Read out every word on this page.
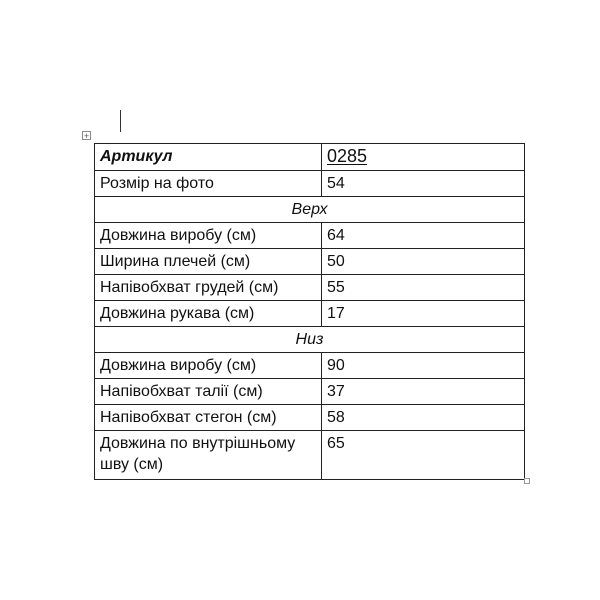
+
Артикул	0285
Розмір на фото	54
Верх	
Довжина виробу (см)	64
Ширина плечей (см)	50
Напівобхват грудей (см)	55
Довжина рукава (см)	17
Низ	
Довжина виробу (см)	90
Напівобхват талії (см)	37
Напівобхват стегон (см)	58
Довжина по внутрішньому шву (см)	65
